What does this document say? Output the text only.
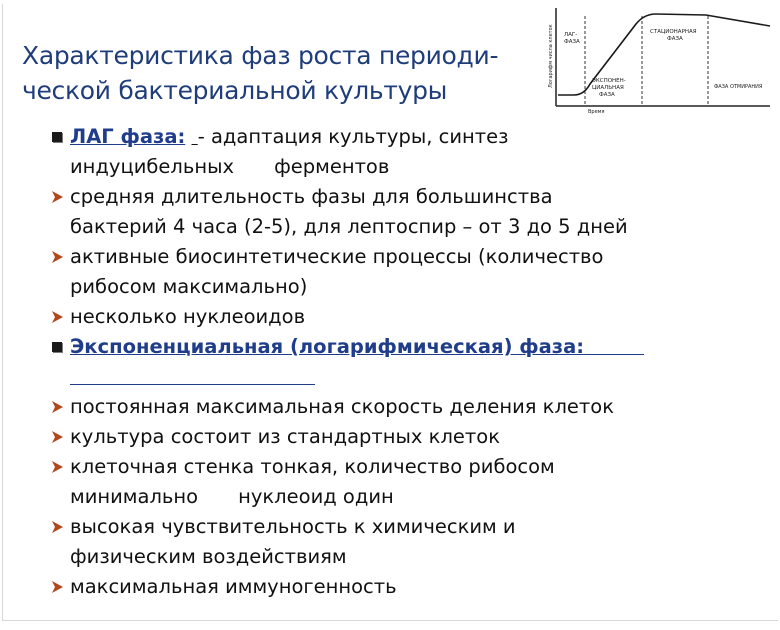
Характеристика фаз роста периоди-
ческой бактериальной культуры
Логарифм числа клеток
Время
ЛАГ-
ФАЗА
ЭКСПОНЕН-
ЦИАЛЬНАЯ
ФАЗА
СТАЦИОНАРНАЯ
ФАЗА
ФАЗА ОТМИРАНИЯ
ЛАГ фаза: - адаптация культуры, синтез
индуцибельных ферментов
средняя длительность фазы для большинства
бактерий 4 часа (2-5), для лептоспир – от 3 до 5 дней
активные биосинтетические процессы (количество
рибосом максимально)
несколько нуклеоидов
Экспоненциальная (логарифмическая) фаза:
постоянная максимальная скорость деления клеток
культура состоит из стандартных клеток
клеточная стенка тонкая, количество рибосом
минимально нуклеоид один
высокая чувствительность к химическим и
физическим воздействиям
максимальная иммуногенность
